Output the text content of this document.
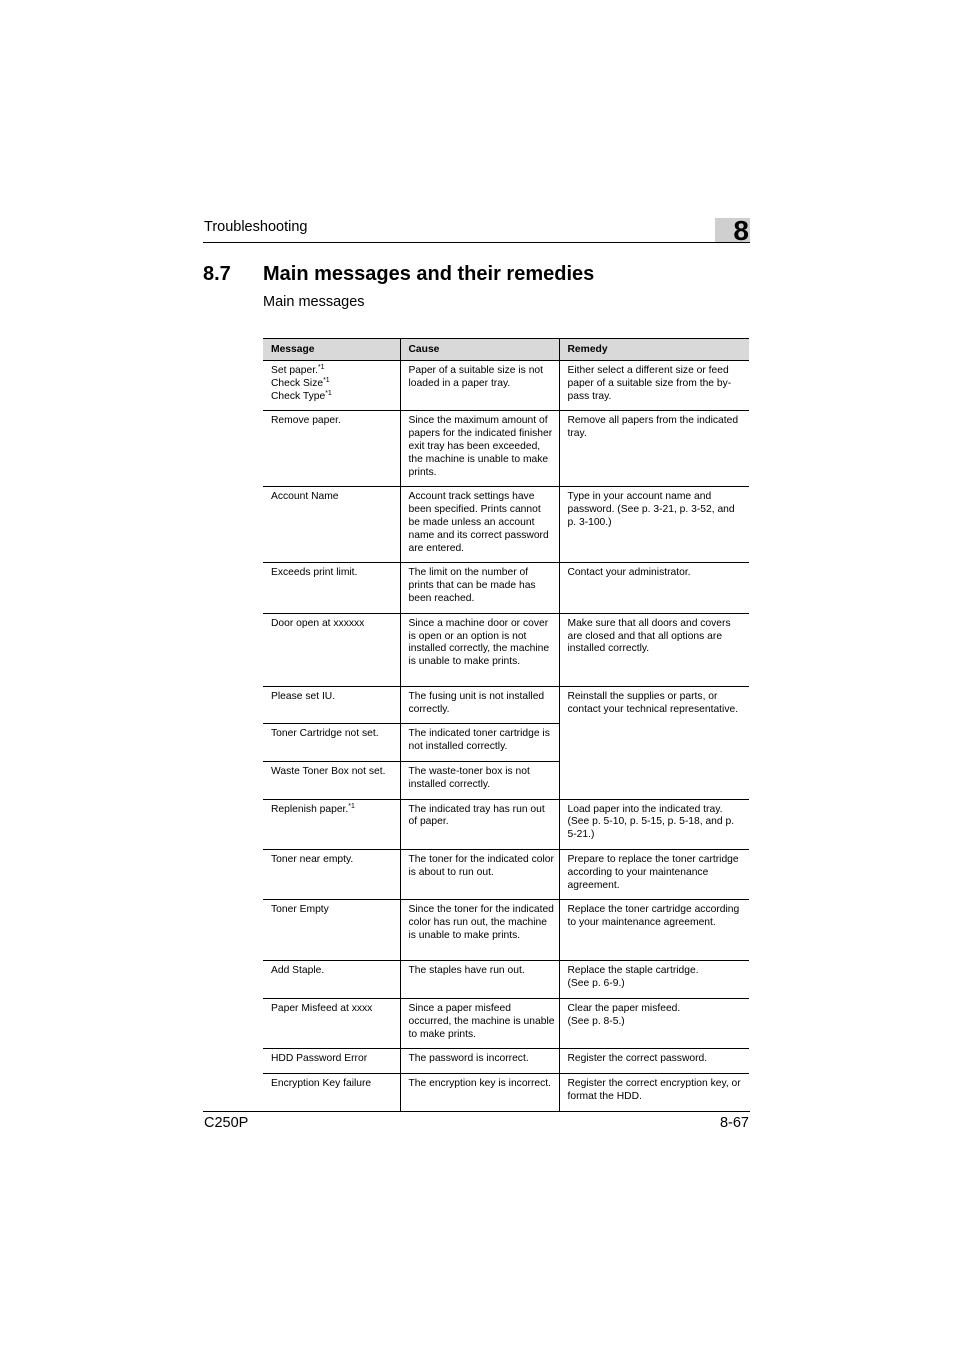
Troubleshooting	8
8.7 Main messages and their remedies
Main messages
Message	Cause	Remedy
Set paper.$^{*1}$
Check Size$^{*1}$
Check Type$^{*1}$	Paper of a suitable size is not loaded in a paper tray.	Either select a different size or feed paper of a suitable size from the by-pass tray.
Remove paper.	Since the maximum amount of papers for the indicated finisher exit tray has been exceeded, the machine is unable to make prints.	Remove all papers from the indicated tray.
Account Name	Account track settings have been specified. Prints cannot be made unless an account name and its correct password are entered.	Type in your account name and password. (See p. 3-21, p. 3-52, and p. 3-100.)
Exceeds print limit.	The limit on the number of prints that can be made has been reached.	Contact your administrator.
Door open at xxxxxx	Since a machine door or cover is open or an option is not installed correctly, the machine is unable to make prints.	Make sure that all doors and covers are closed and that all options are installed correctly.
Please set IU.	The fusing unit is not installed correctly.	Reinstall the supplies or parts, or contact your technical representative.
Toner Cartridge not set.	The indicated toner cartridge is not installed correctly.	
Waste Toner Box not set.	The waste-toner box is not installed correctly.	
Replenish paper.$^{*1}$	The indicated tray has run out of paper.	Load paper into the indicated tray. (See p. 5-10, p. 5-15, p. 5-18, and p. 5-21.)
Toner near empty.	The toner for the indicated color is about to run out.	Prepare to replace the toner cartridge according to your maintenance agreement.
Toner Empty	Since the toner for the indicated color has run out, the machine is unable to make prints.	Replace the toner cartridge according to your maintenance agreement.
Add Staple.	The staples have run out.	Replace the staple cartridge.
(See p. 6-9.)
Paper Misfeed at xxxx	Since a paper misfeed occurred, the machine is unable to make prints.	Clear the paper misfeed.
(See p. 8-5.)
HDD Password Error	The password is incorrect.	Register the correct password.
Encryption Key failure	The encryption key is incorrect.	Register the correct encryption key, or format the HDD.
C250P	8-67
